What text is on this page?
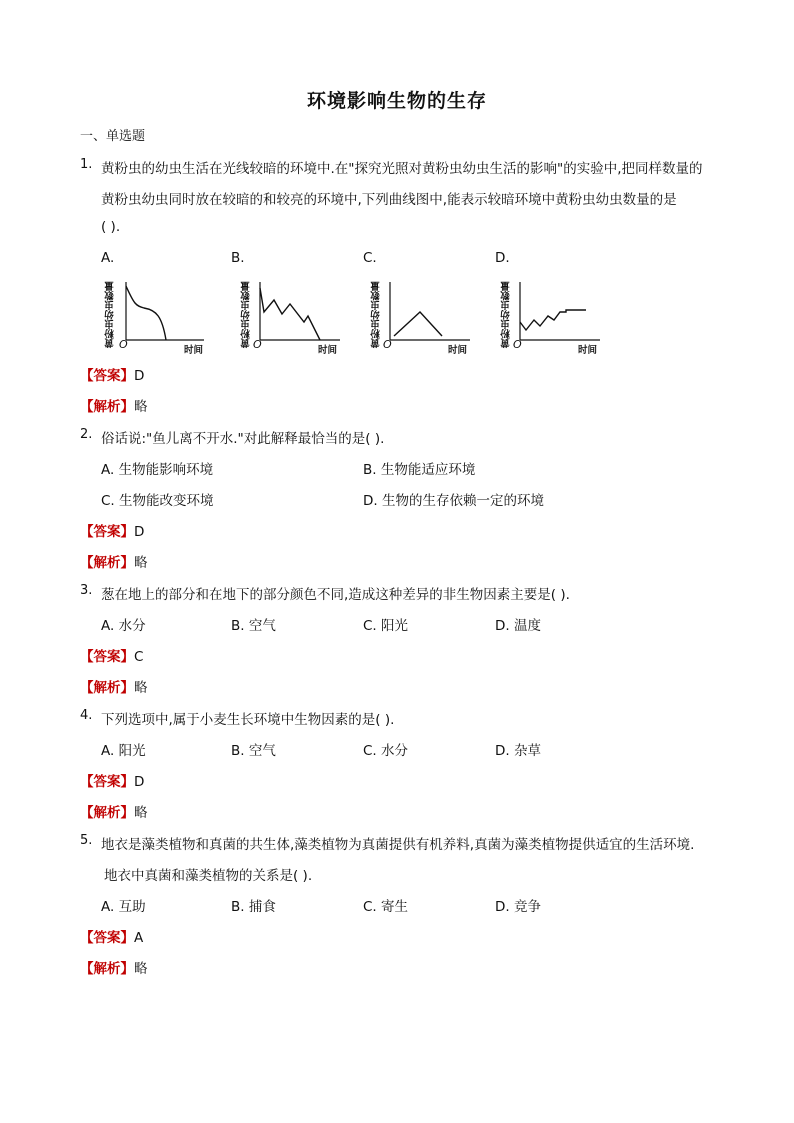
环境影响生物的生存
一、单选题
1. 黄粉虫的幼虫生活在光线较暗的环境中.在"探究光照对黄粉虫幼虫生活的影响"的实验中,把同样数量的
黄粉虫幼虫同时放在较暗的和较亮的环境中,下列曲线图中,能表示较暗环境中黄粉虫幼虫数量的是
( ).
A.	B.	C.	D.
黄粉虫幼虫数量 O	时间
黄粉虫幼虫数量 O	时间
黄粉虫幼虫数量 O	时间
黄粉虫幼虫数量 O	时间
【答案】D
【解析】略
2. 俗话说:"鱼儿离不开水."对此解释最恰当的是( ).
A. 生物能影响环境	B. 生物能适应环境
C. 生物能改变环境	D. 生物的生存依赖一定的环境
【答案】D
【解析】略
3. 葱在地上的部分和在地下的部分颜色不同,造成这种差异的非生物因素主要是( ).
A. 水分	B. 空气	C. 阳光	D. 温度
【答案】C
【解析】略
4. 下列选项中,属于小麦生长环境中生物因素的是( ).
A. 阳光	B. 空气	C. 水分	D. 杂草
【答案】D
【解析】略
5. 地衣是藻类植物和真菌的共生体,藻类植物为真菌提供有机养料,真菌为藻类植物提供适宜的生活环境.
地衣中真菌和藻类植物的关系是( ).
A. 互助	B. 捕食	C. 寄生	D. 竞争
【答案】A
【解析】略
